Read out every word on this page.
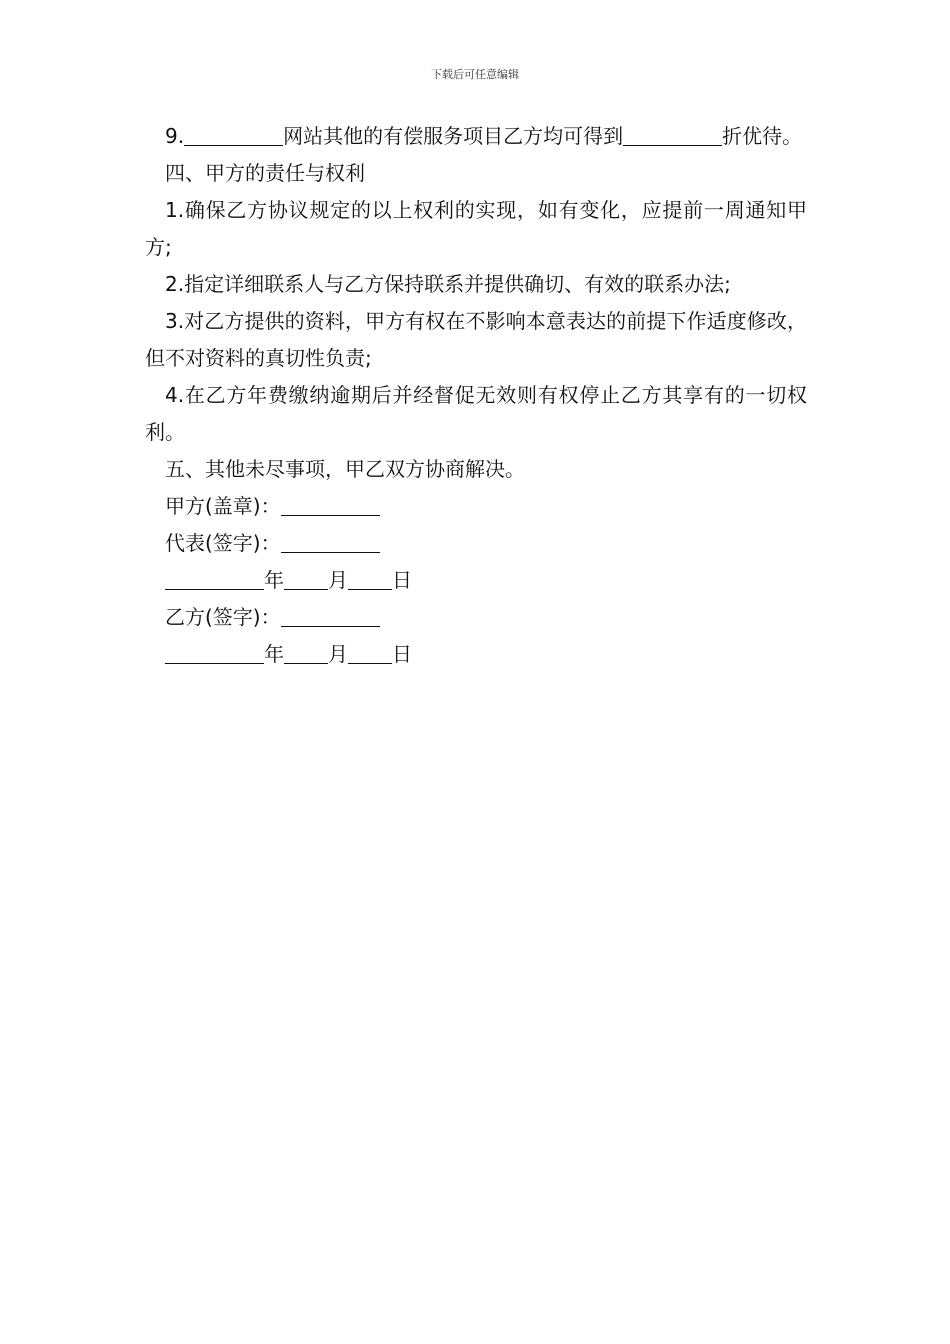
下载后可任意编辑

9.	网站其他的有偿服务项目乙方均可得到	折优待。

四、甲方的责任与权利

1.确保乙方协议规定的以上权利的实现，如有变化，应提前一周通知甲方;

2.指定详细联系人与乙方保持联系并提供确切、有效的联系办法;

3.对乙方提供的资料，甲方有权在不影响本意表达的前提下作适度修改，但不对资料的真切性负责;

4.在乙方年费缴纳逾期后并经督促无效则有权停止乙方其享有的一切权利。

五、其他未尽事项，甲乙双方协商解决。

甲方(盖章)：

代表(签字)：

年 月 日

乙方(签字)：

年 月 日
